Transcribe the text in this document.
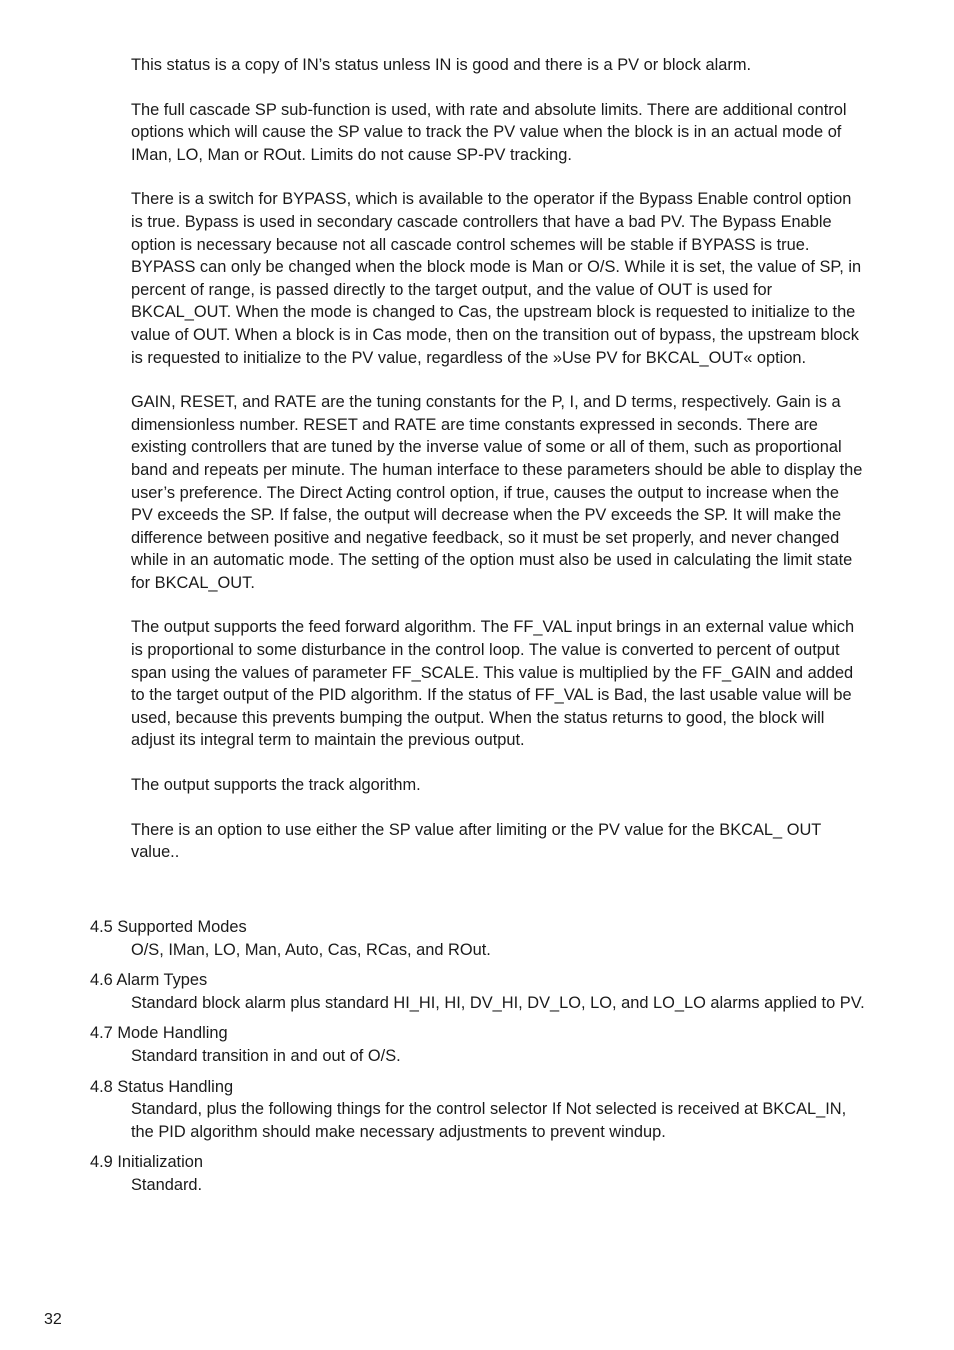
This status is a copy of IN’s status unless IN is good and there is a PV or block alarm.

The full cascade SP sub-function is used, with rate and absolute limits. There are additional control options which will cause the SP value to track the PV value when the block is in an actual mode of IMan, LO, Man or ROut. Limits do not cause SP-PV tracking.

There is a switch for BYPASS, which is available to the operator if the Bypass Enable control option is true. Bypass is used in secondary cascade controllers that have a bad PV. The Bypass Enable option is necessary because not all cascade control schemes will be stable if BYPASS is true. BYPASS can only be changed when the block mode is Man or O/S. While it is set, the value of SP, in percent of range, is passed directly to the target output, and the value of OUT is used for BKCAL_OUT. When the mode is changed to Cas, the upstream block is requested to initialize to the value of OUT. When a block is in Cas mode, then on the transition out of bypass, the upstream block is requested to initialize to the PV value, regardless of the »Use PV for BKCAL_OUT« option.

GAIN, RESET, and RATE are the tuning constants for the P, I, and D terms, respectively. Gain is a dimensionless number. RESET and RATE are time constants expressed in seconds. There are existing controllers that are tuned by the inverse value of some or all of them, such as proportional band and repeats per minute. The human interface to these parameters should be able to display the user’s preference. The Direct Acting control option, if true, causes the output to increase when the PV exceeds the SP. If false, the output will decrease when the PV exceeds the SP. It will make the difference between positive and negative feedback, so it must be set properly, and never changed while in an automatic mode. The setting of the option must also be used in calculating the limit state for BKCAL_OUT.

The output supports the feed forward algorithm. The FF_VAL input brings in an external value which is proportional to some disturbance in the control loop. The value is converted to percent of output span using the values of parameter FF_SCALE. This value is multiplied by the FF_GAIN and added to the target output of the PID algorithm. If the status of FF_VAL is Bad, the last usable value will be used, because this prevents bumping the output. When the status returns to good, the block will adjust its integral term to maintain the previous output.

The output supports the track algorithm.

There is an option to use either the SP value after limiting or the PV value for the BKCAL_ OUT value..

4.5 Supported Modes

O/S, IMan, LO, Man, Auto, Cas, RCas, and ROut.

4.6 Alarm Types

Standard block alarm plus standard HI_HI, HI, DV_HI, DV_LO, LO, and LO_LO alarms applied to PV.

4.7 Mode Handling

Standard transition in and out of O/S.

4.8 Status Handling

Standard, plus the following things for the control selector If Not selected is received at BKCAL_IN, the PID algorithm should make necessary adjustments to prevent windup.

4.9 Initialization

Standard.

32
